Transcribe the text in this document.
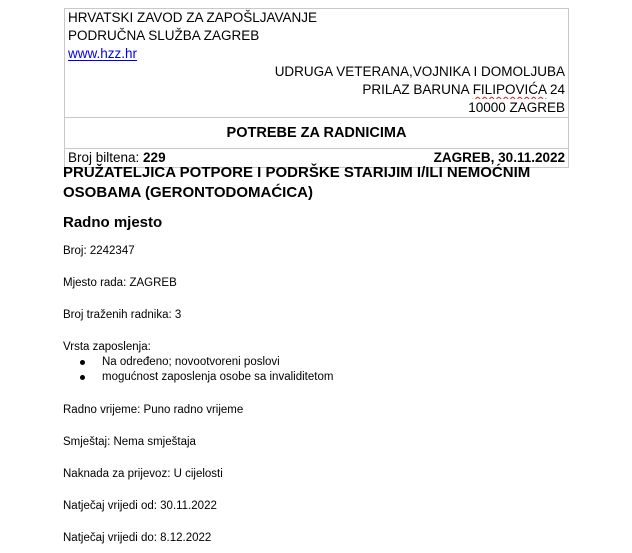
HRVATSKI ZAVOD ZA ZAPOŠLJAVANJE
PODRUČNA SLUŽBA ZAGREB
www.hzz.hr
UDRUGA VETERANA,VOJNIKA I DOMOLJUBA
PRILAZ BARUNA FILIPOVIĆA 24
10000 ZAGREB
POTREBE ZA RADNICIMA

Broj biltena: 229	ZAGREB, 30.11.2022
PRUŽATELJICA POTPORE I PODRŠKE STARIJIM I/ILI NEMOĆNIM OSOBAMA (GERONTODOMAĆICA)
Radno mjesto

Broj: 2242347

Mjesto rada: ZAGREB

Broj traženih radnika: 3

Vrsta zaposlenja:

Na određeno; novootvoreni poslovi
mogućnost zaposlenja osobe sa invaliditetom

Radno vrijeme: Puno radno vrijeme

Smještaj: Nema smještaja

Naknada za prijevoz: U cijelosti

Natječaj vrijedi od: 30.11.2022

Natječaj vrijedi do: 8.12.2022
